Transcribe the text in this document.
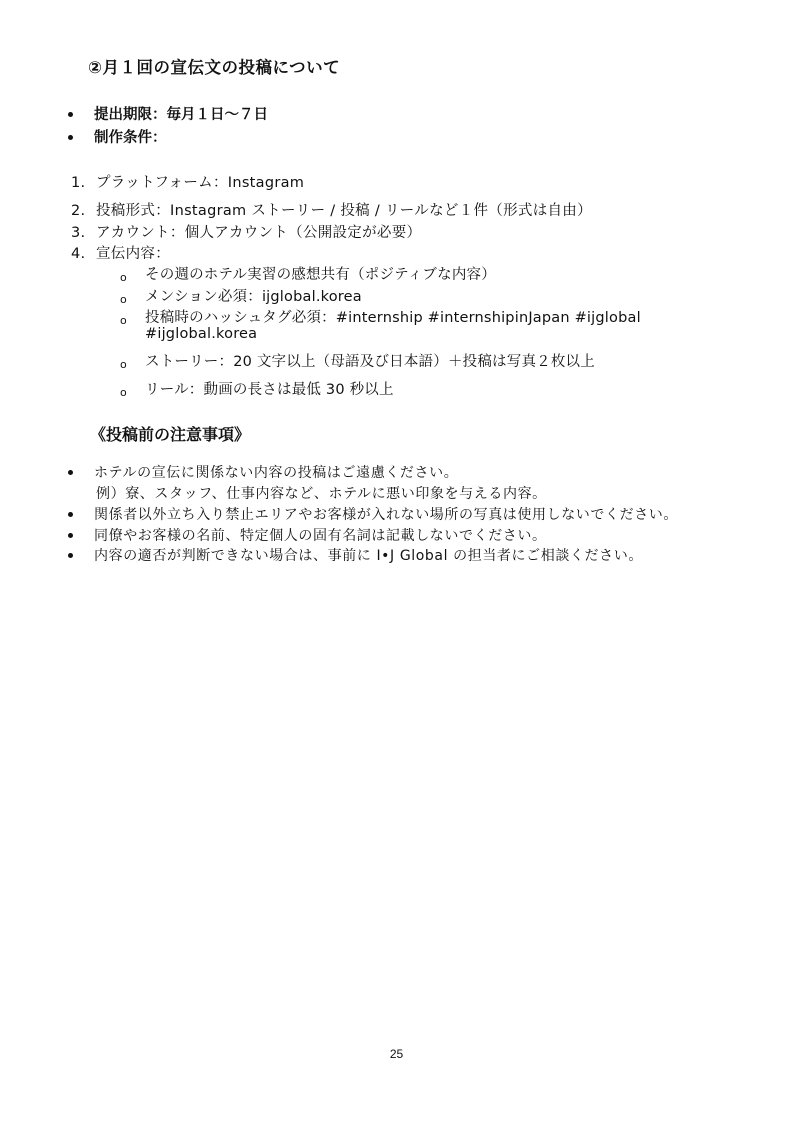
②月１回の宣伝文の投稿について
提出期限：毎月１日～７日
制作条件：
1. プラットフォーム：Instagram
2. 投稿形式：Instagram ストーリー / 投稿 / リールなど１件（形式は自由）
3. アカウント：個人アカウント（公開設定が必要）
4. 宣伝内容：
o その週のホテル実習の感想共有（ポジティブな内容）
o メンション必須：ijglobal.korea
o 投稿時のハッシュタグ必須：#internship #internshipinJapan #ijglobal
#ijglobal.korea
o ストーリー：20 文字以上（母語及び日本語）＋投稿は写真２枚以上
o リール：動画の長さは最低 30 秒以上
《投稿前の注意事項》
ホテルの宣伝に関係ない内容の投稿はご遠慮ください。
例）寮、スタッフ、仕事内容など、ホテルに悪い印象を与える内容。
関係者以外立ち入り禁止エリアやお客様が入れない場所の写真は使用しないでください。
同僚やお客様の名前、特定個人の固有名詞は記載しないでください。
内容の適否が判断できない場合は、事前に I•J Global の担当者にご相談ください。
25
